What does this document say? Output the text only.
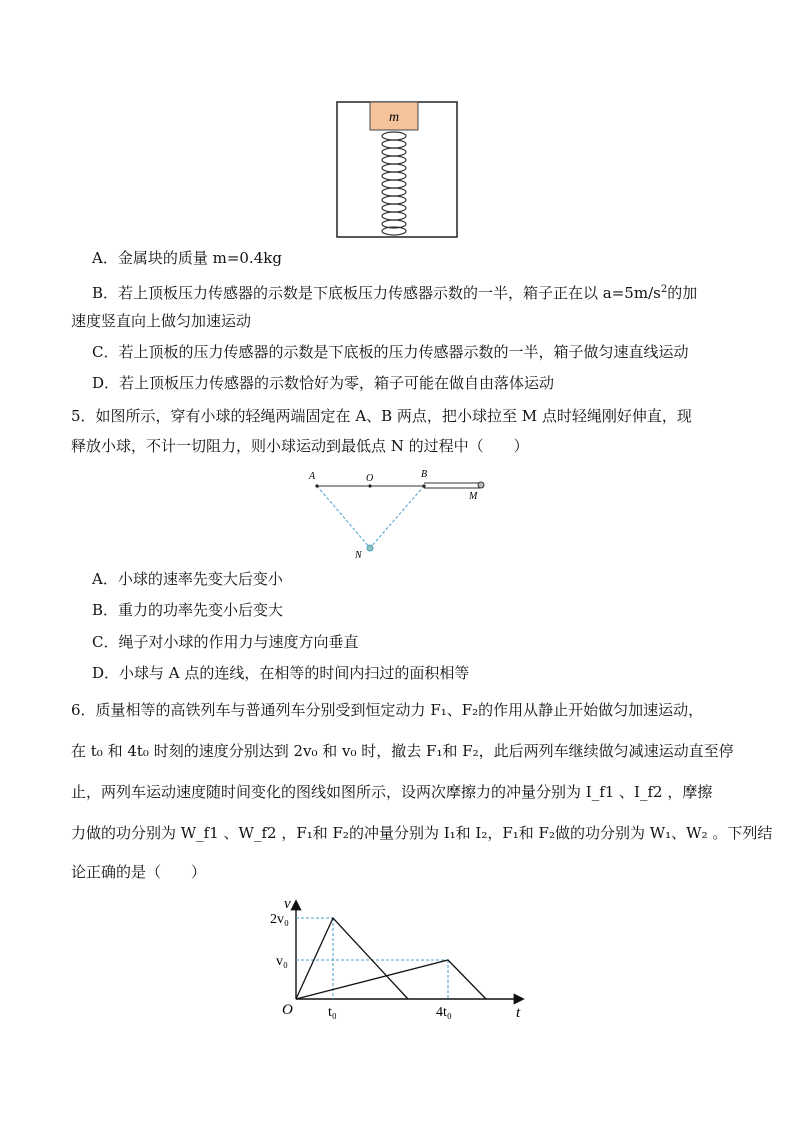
m
A．金属块的质量 m=0.4kg
B．若上顶板压力传感器的示数是下底板压力传感器示数的一半，箱子正在以 $a=5m/s^2$的加
速度竖直向上做匀加速运动
C．若上顶板的压力传感器的示数是下底板的压力传感器示数的一半，箱子做匀速直线运动
D．若上顶板压力传感器的示数恰好为零，箱子可能在做自由落体运动
5．如图所示，穿有小球的轻绳两端固定在 A、B 两点，把小球拉至 M 点时轻绳刚好伸直，现
释放小球，不计一切阻力，则小球运动到最低点 N 的过程中（　　）
A	O	B
M
N
A．小球的速率先变大后变小
B．重力的功率先变小后变大
C．绳子对小球的作用力与速度方向垂直
D．小球与 A 点的连线，在相等的时间内扫过的面积相等
6．质量相等的高铁列车与普通列车分别受到恒定动力 F₁、F₂的作用从静止开始做匀加速运动，
在 t₀ 和 4t₀ 时刻的速度分别达到 2v₀ 和 v₀ 时，撤去 F₁和 F₂，此后两列车继续做匀减速运动直至停
止，两列车运动速度随时间变化的图线如图所示，设两次摩擦力的冲量分别为 I_f1 、I_f2 ，摩擦
力做的功分别为 W_f1 、W_f2 ，F₁和 F₂的冲量分别为 I₁和 I₂，F₁和 F₂做的功分别为 W₁、W₂ 。下列结
论正确的是（　　）
v
t
O
2v₀
v₀
t₀	4t₀
